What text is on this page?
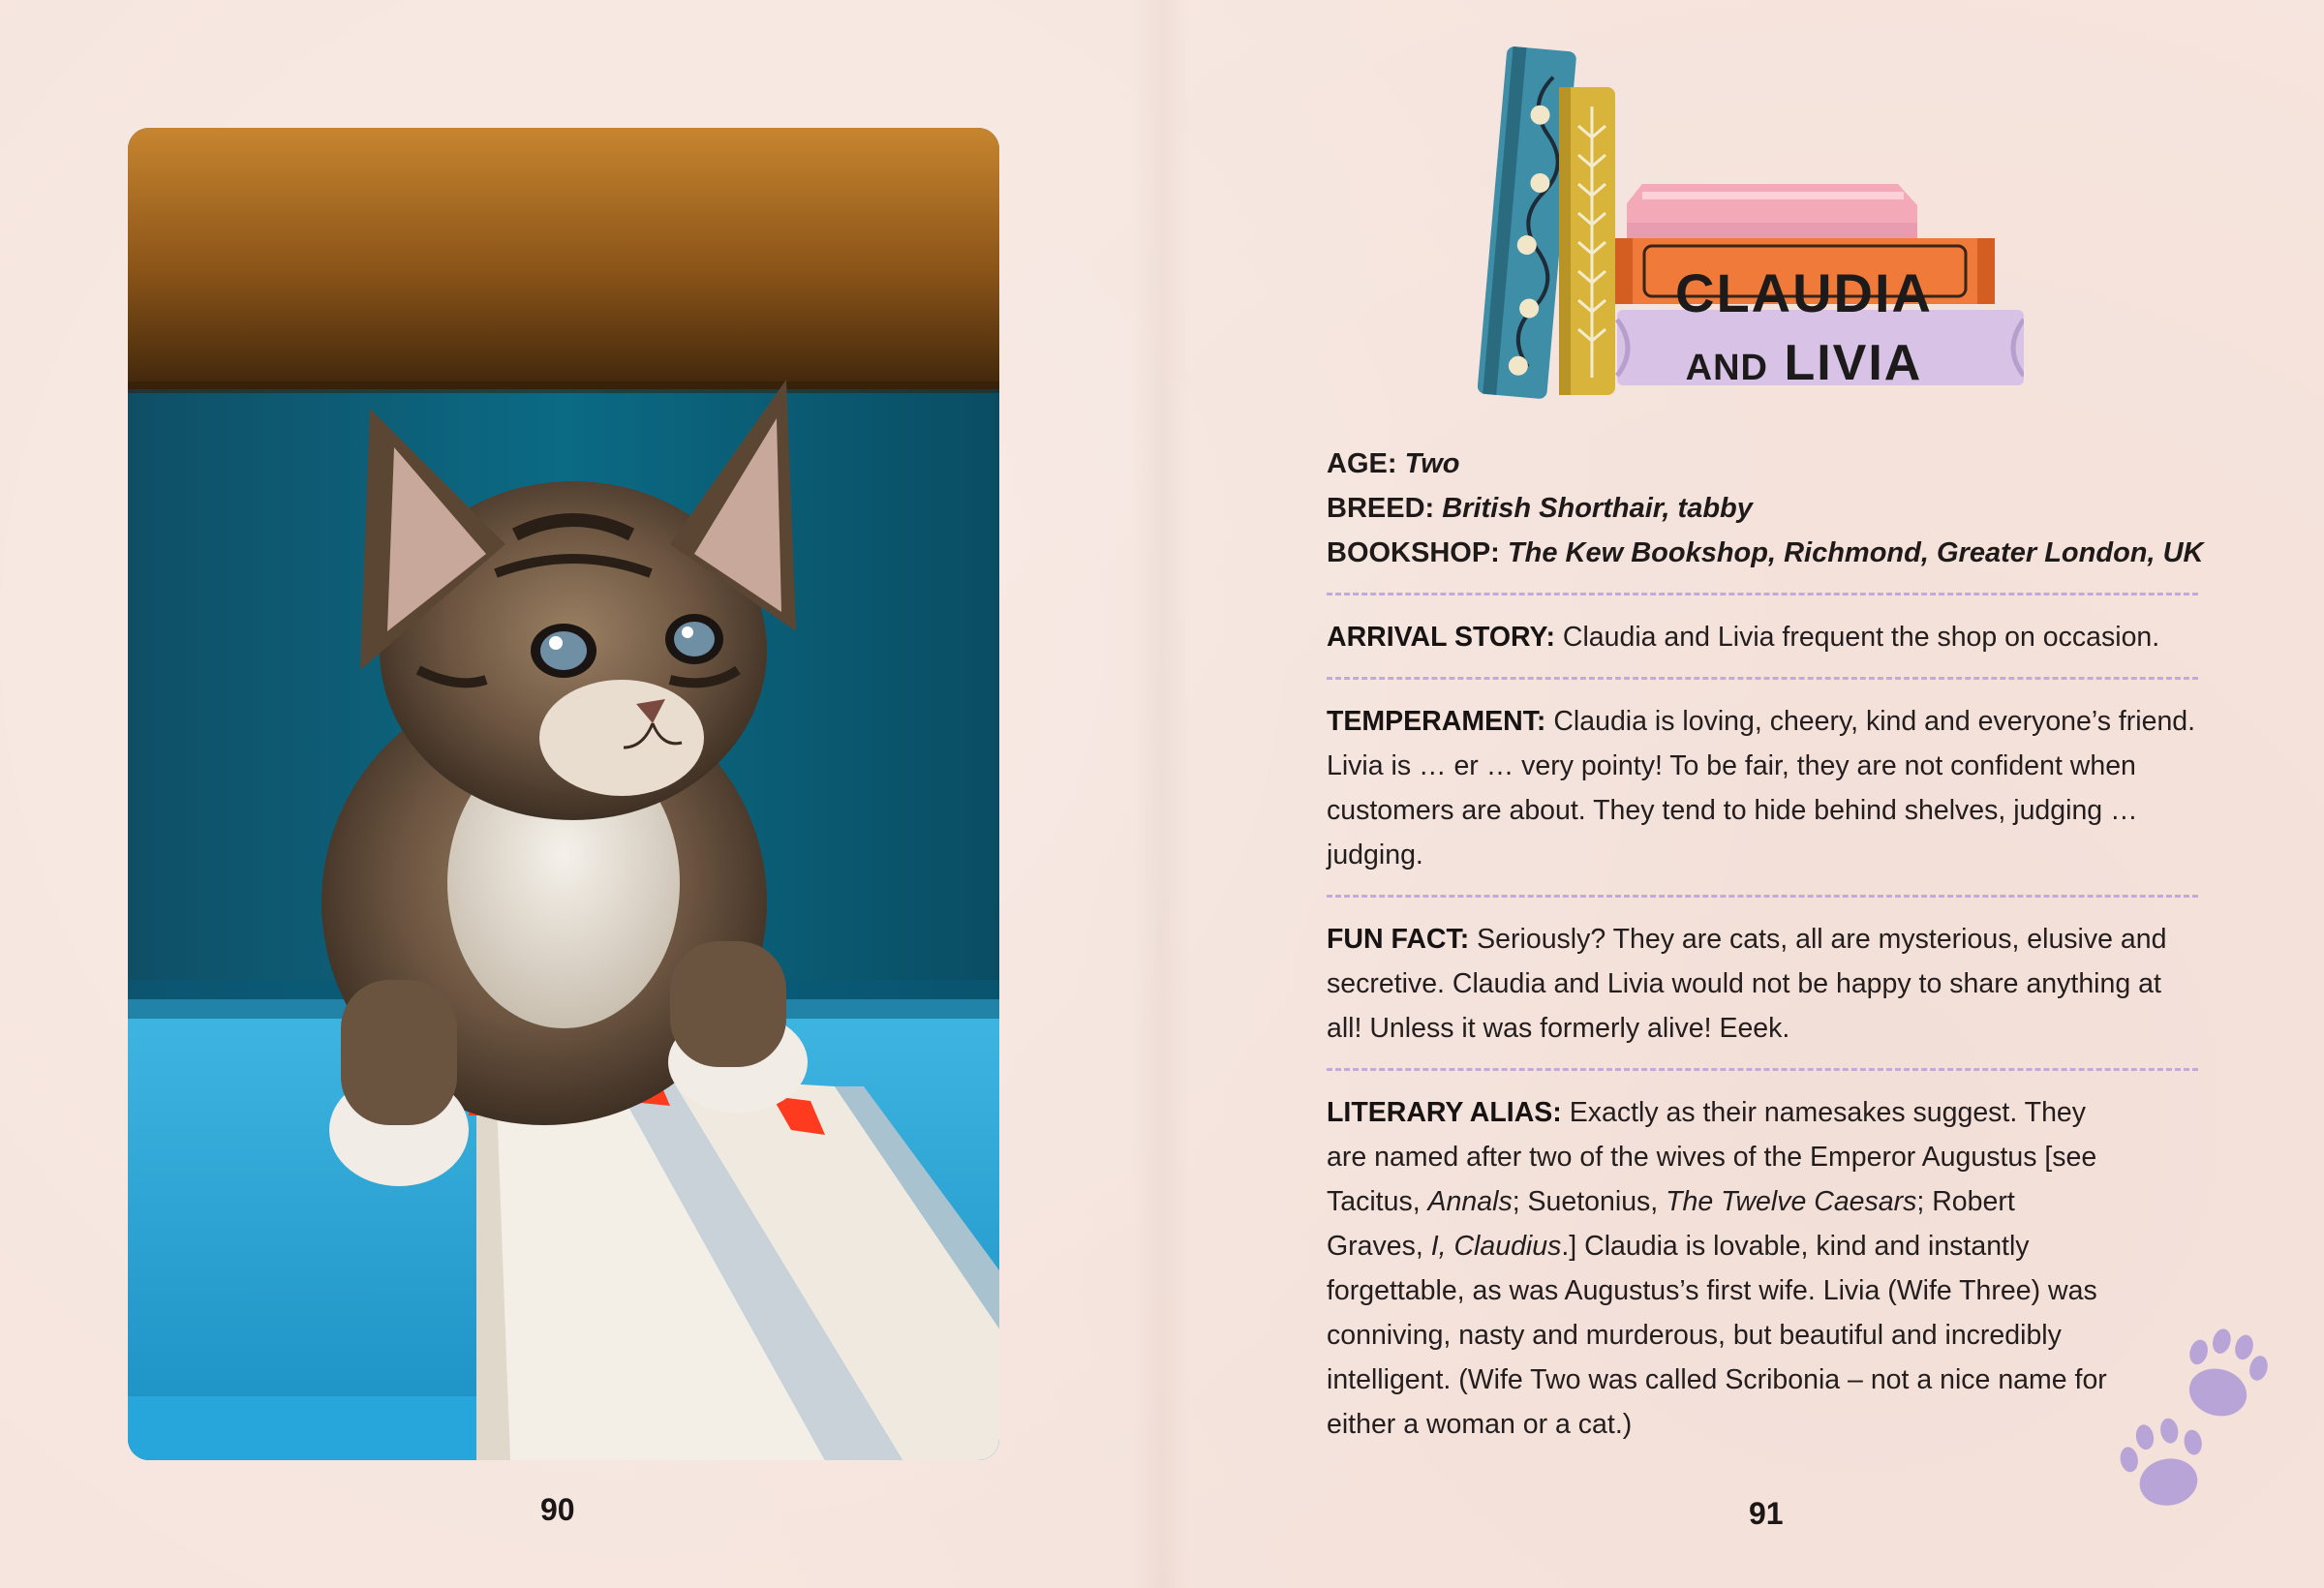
90
CLAUDIA
AND LIVIA
AGE: Two
BREED: British Shorthair, tabby
BOOKSHOP: The Kew Bookshop, Richmond, Greater London, UK

ARRIVAL STORY: Claudia and Livia frequent the shop on occasion.

TEMPERAMENT: Claudia is loving, cheery, kind and everyone’s friend. Livia is … er … very pointy! To be fair, they are not confident when customers are about. They tend to hide behind shelves, judging … judging.

FUN FACT: Seriously? They are cats, all are mysterious, elusive and secretive. Claudia and Livia would not be happy to share anything at all! Unless it was formerly alive! Eeek.

LITERARY ALIAS: Exactly as their namesakes suggest. They are named after two of the wives of the Emperor Augustus [see Tacitus, Annals; Suetonius, The Twelve Caesars; Robert Graves, I, Claudius.] Claudia is lovable, kind and instantly forgettable, as was Augustus’s first wife. Livia (Wife Three) was conniving, nasty and murderous, but beautiful and incredibly intelligent. (Wife Two was called Scribonia – not a nice name for either a woman or a cat.)

91
